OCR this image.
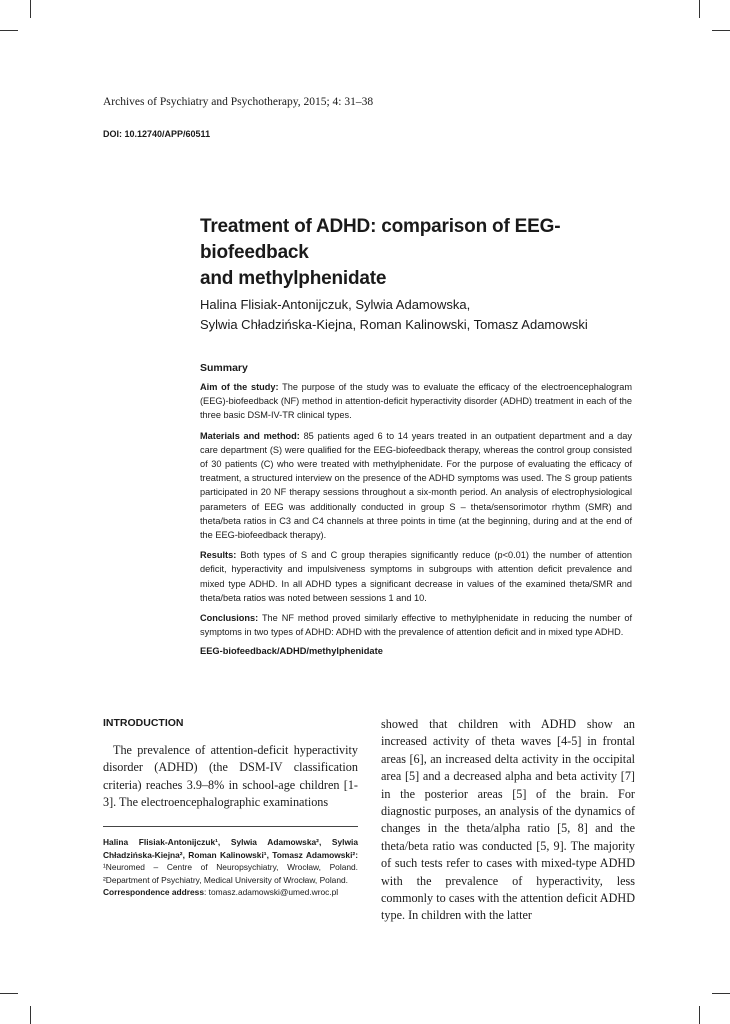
Archives of Psychiatry and Psychotherapy, 2015; 4: 31–38
DOI: 10.12740/APP/60511
Treatment of ADHD: comparison of EEG-biofeedback
and methylphenidate
Halina Flisiak-Antonijczuk, Sylwia Adamowska,
Sylwia Chładzińska-Kiejna, Roman Kalinowski, Tomasz Adamowski
Summary

Aim of the study: The purpose of the study was to evaluate the efficacy of the electroencephalogram (EEG)-biofeedback (NF) method in attention-deficit hyperactivity disorder (ADHD) treatment in each of the three basic DSM-IV-TR clinical types.

Materials and method: 85 patients aged 6 to 14 years treated in an outpatient department and a day care department (S) were qualified for the EEG-biofeedback therapy, whereas the control group consisted of 30 patients (C) who were treated with methylphenidate. For the purpose of evaluating the efficacy of treatment, a structured interview on the presence of the ADHD symptoms was used. The S group patients participated in 20 NF therapy sessions throughout a six-month period. An analysis of electrophysiological parameters of EEG was additionally conducted in group S – theta/sensorimotor rhythm (SMR) and theta/beta ratios in C3 and C4 channels at three points in time (at the beginning, during and at the end of the EEG-biofeedback therapy).

Results: Both types of S and C group therapies significantly reduce (p<0.01) the number of attention deficit, hyperactivity and impulsiveness symptoms in subgroups with attention deficit prevalence and mixed type ADHD. In all ADHD types a significant decrease in values of the examined theta/SMR and theta/beta ratios was noted between sessions 1 and 10.

Conclusions: The NF method proved similarly effective to methylphenidate in reducing the number of symptoms in two types of ADHD: ADHD with the prevalence of attention deficit and in mixed type ADHD.

EEG-biofeedback/ADHD/methylphenidate
INTRODUCTION
The prevalence of attention-deficit hyperactivity disorder (ADHD) (the DSM-IV classification criteria) reaches 3.9–8% in school-age children [1-3]. The electroencephalographic examinations
showed that children with ADHD show an increased activity of theta waves [4-5] in frontal areas [6], an increased delta activity in the occipital area [5] and a decreased alpha and beta activity [7] in the posterior areas [5] of the brain. For diagnostic purposes, an analysis of the dynamics of changes in the theta/alpha ratio [5, 8] and the theta/beta ratio was conducted [5, 9]. The majority of such tests refer to cases with mixed-type ADHD with the prevalence of hyperactivity, less commonly to cases with the attention deficit ADHD type. In children with the latter
Halina Flisiak-Antonijczuk¹, Sylwia Adamowska², Sylwia Chładzińska-Kiejna², Roman Kalinowski¹, Tomasz Adamowski²: ¹Neuromed – Centre of Neuropsychiatry, Wrocław, Poland. ²Department of Psychiatry, Medical University of Wrocław, Poland.
Correspondence address: tomasz.adamowski@umed.wroc.pl
